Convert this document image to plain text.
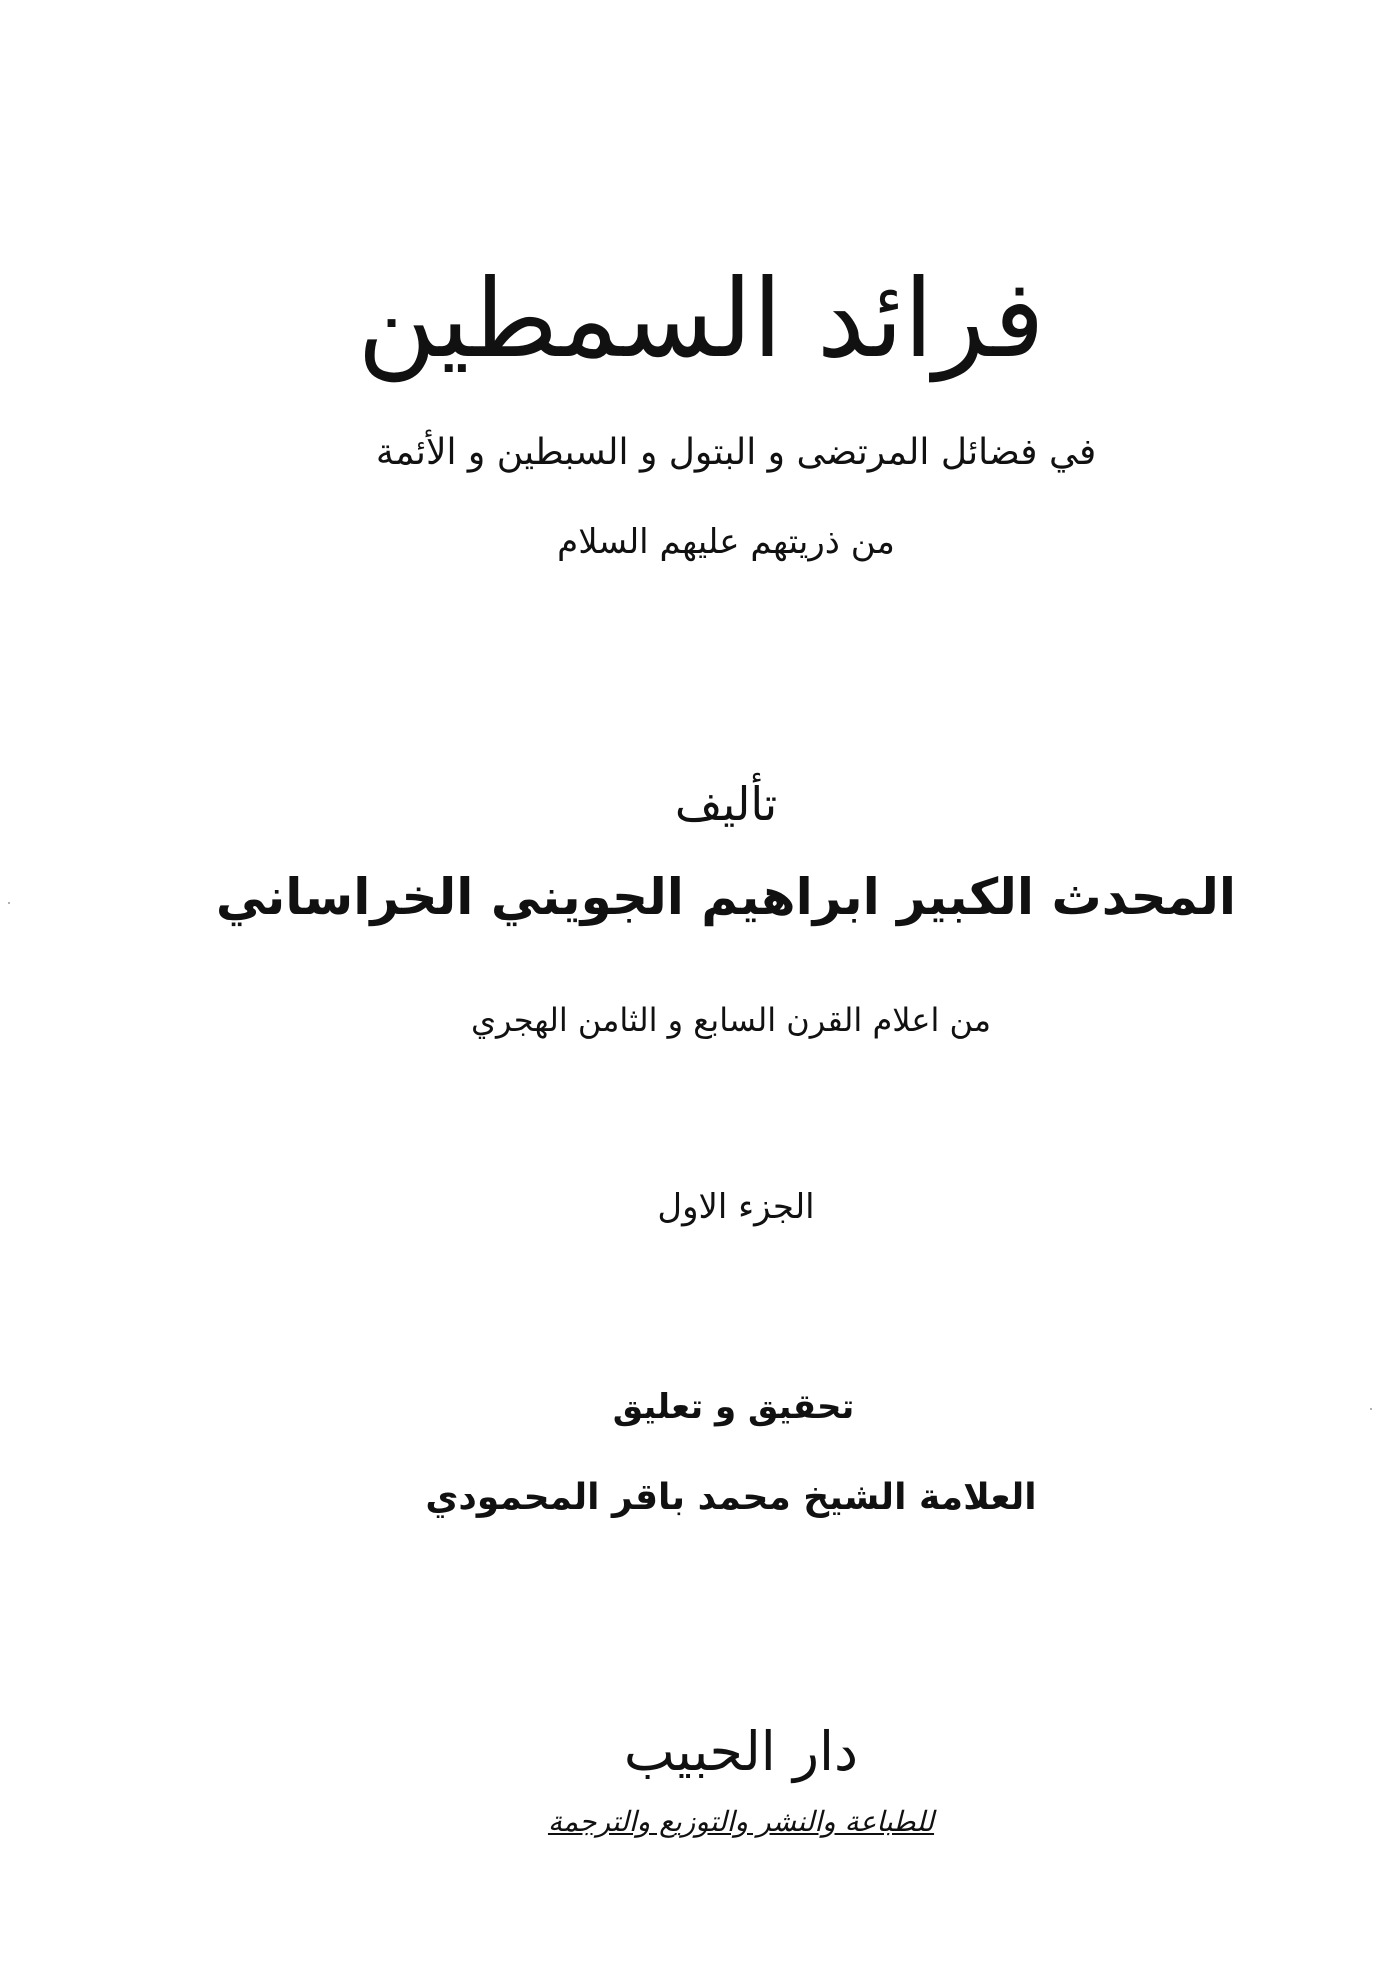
فرائد السمطين
في فضائل المرتضى و البتول و السبطين و الأئمة
من ذريتهم عليهم السلام
تأليف
المحدث الكبير ابراهيم الجويني الخراساني
من اعلام القرن السابع و الثامن الهجري
الجزء الاول
تحقيق و تعليق
العلامة الشيخ محمد باقر المحمودي
دار الحبيب
للطباعة والنشر والتوزيع والترجمة
